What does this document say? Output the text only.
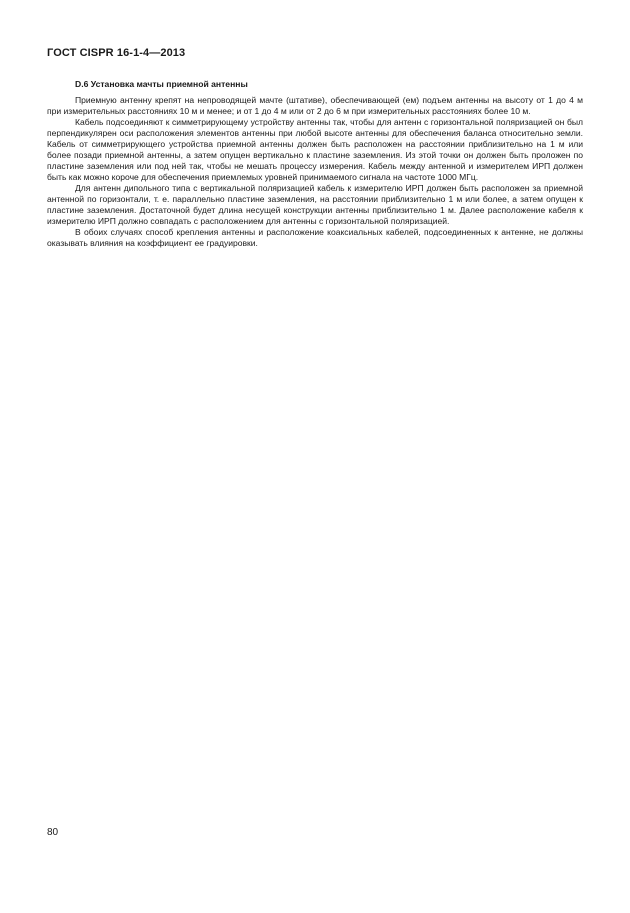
ГОСТ CISPR 16-1-4—2013
D.6 Установка мачты приемной антенны

Приемную антенну крепят на непроводящей мачте (штативе), обеспечивающей (ем) подъем антенны на высоту от 1 до 4 м при измерительных расстояниях 10 м и менее; и от 1 до 4 м или от 2 до 6 м при измерительных расстояниях более 10 м.

Кабель подсоединяют к симметрирующему устройству антенны так, чтобы для антенн с горизонтальной поляризацией он был перпендикулярен оси расположения элементов антенны при любой высоте антенны для обеспечения баланса относительно земли. Кабель от симметрирующего устройства приемной антенны должен быть расположен на расстоянии приблизительно на 1 м или более позади приемной антенны, а затем опущен вертикально к пластине заземления. Из этой точки он должен быть проложен по пластине заземления или под ней так, чтобы не мешать процессу измерения. Кабель между антенной и измерителем ИРП должен быть как можно короче для обеспечения приемлемых уровней принимаемого сигнала на частоте 1000 МГц.

Для антенн дипольного типа с вертикальной поляризацией кабель к измерителю ИРП должен быть расположен за приемной антенной по горизонтали, т. е. параллельно пластине заземления, на расстоянии приблизительно 1 м или более, а затем опущен к пластине заземления. Достаточной будет длина несущей конструкции антенны приблизительно 1 м. Далее расположение кабеля к измерителю ИРП должно совпадать с расположением для антенны с горизонтальной поляризацией.

В обоих случаях способ крепления антенны и расположение коаксиальных кабелей, подсоединенных к антенне, не должны оказывать влияния на коэффициент ее градуировки.

80
